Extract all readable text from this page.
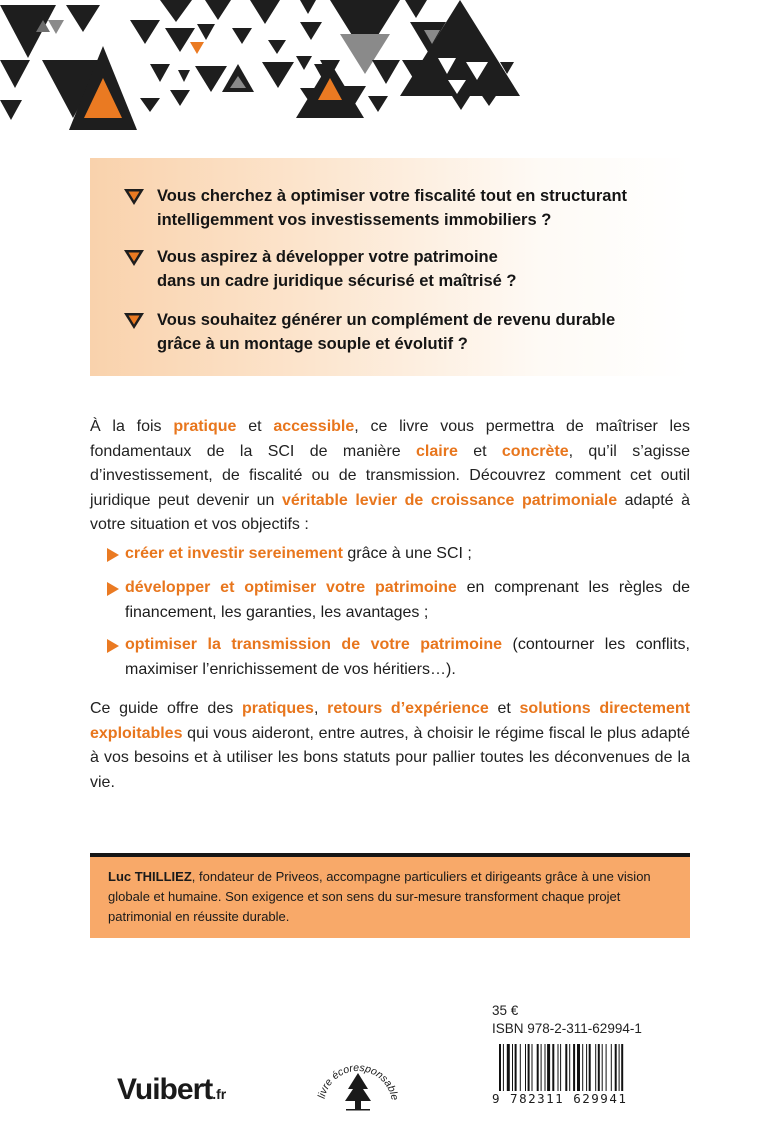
Vous cherchez à optimiser votre fiscalité tout en structurant
intelligemment vos investissements immobiliers ?
Vous aspirez à développer votre patrimoine
dans un cadre juridique sécurisé et maîtrisé ?
Vous souhaitez générer un complément de revenu durable
grâce à un montage souple et évolutif ?

À la fois pratique et accessible, ce livre vous permettra de maîtriser les fondamentaux de la SCI de manière claire et concrète, qu’il s’agisse d’investissement, de fiscalité ou de transmission. Découvrez comment cet outil juridique peut devenir un véritable levier de croissance patrimoniale adapté à votre situation et vos objectifs :

créer et investir sereinement grâce à une SCI ;
développer et optimiser votre patrimoine en comprenant les règles de financement, les garanties, les avantages ;
optimiser la transmission de votre patrimoine (contourner les conflits, maximiser l’enrichissement de vos héritiers…).

Ce guide offre des pratiques, retours d’expérience et solutions directement exploitables qui vous aideront, entre autres, à choisir le régime fiscal le plus adapté à vos besoins et à utiliser les bons statuts pour pallier toutes les déconvenues de la vie.

Luc THILLIEZ, fondateur de Priveos, accompagne particuliers et dirigeants grâce à une vision globale et humaine. Son exigence et son sens du sur-mesure transforment chaque projet patrimonial en réussite durable.

35 €
ISBN 978-2-311-62994-1
9 782311 629941
Vuibert.fr	livre écoresponsable
